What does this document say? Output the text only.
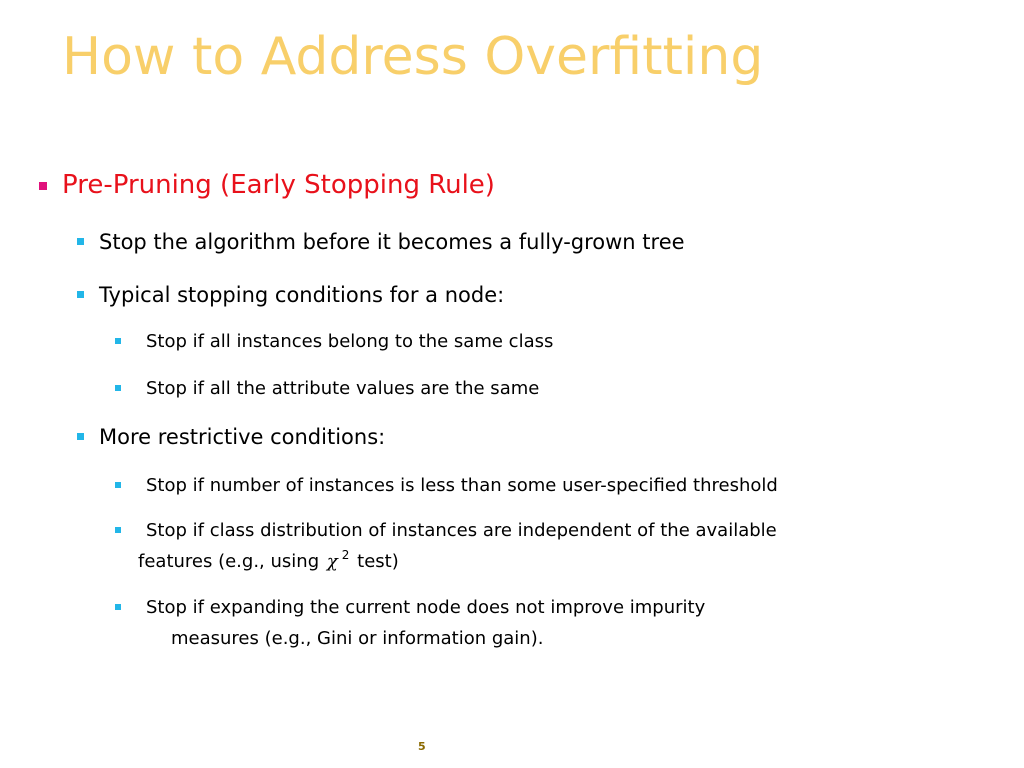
How to Address Overfitting
Pre-Pruning (Early Stopping Rule)
Stop the algorithm before it becomes a fully-grown tree
Typical stopping conditions for a node:
Stop if all instances belong to the same class
Stop if all the attribute values are the same
More restrictive conditions:
Stop if number of instances is less than some user-specified threshold
Stop if class distribution of instances are independent of the available
features (e.g., using χ $^2$ test)
Stop if expanding the current node does not improve impurity
measures (e.g., Gini or information gain).
5
